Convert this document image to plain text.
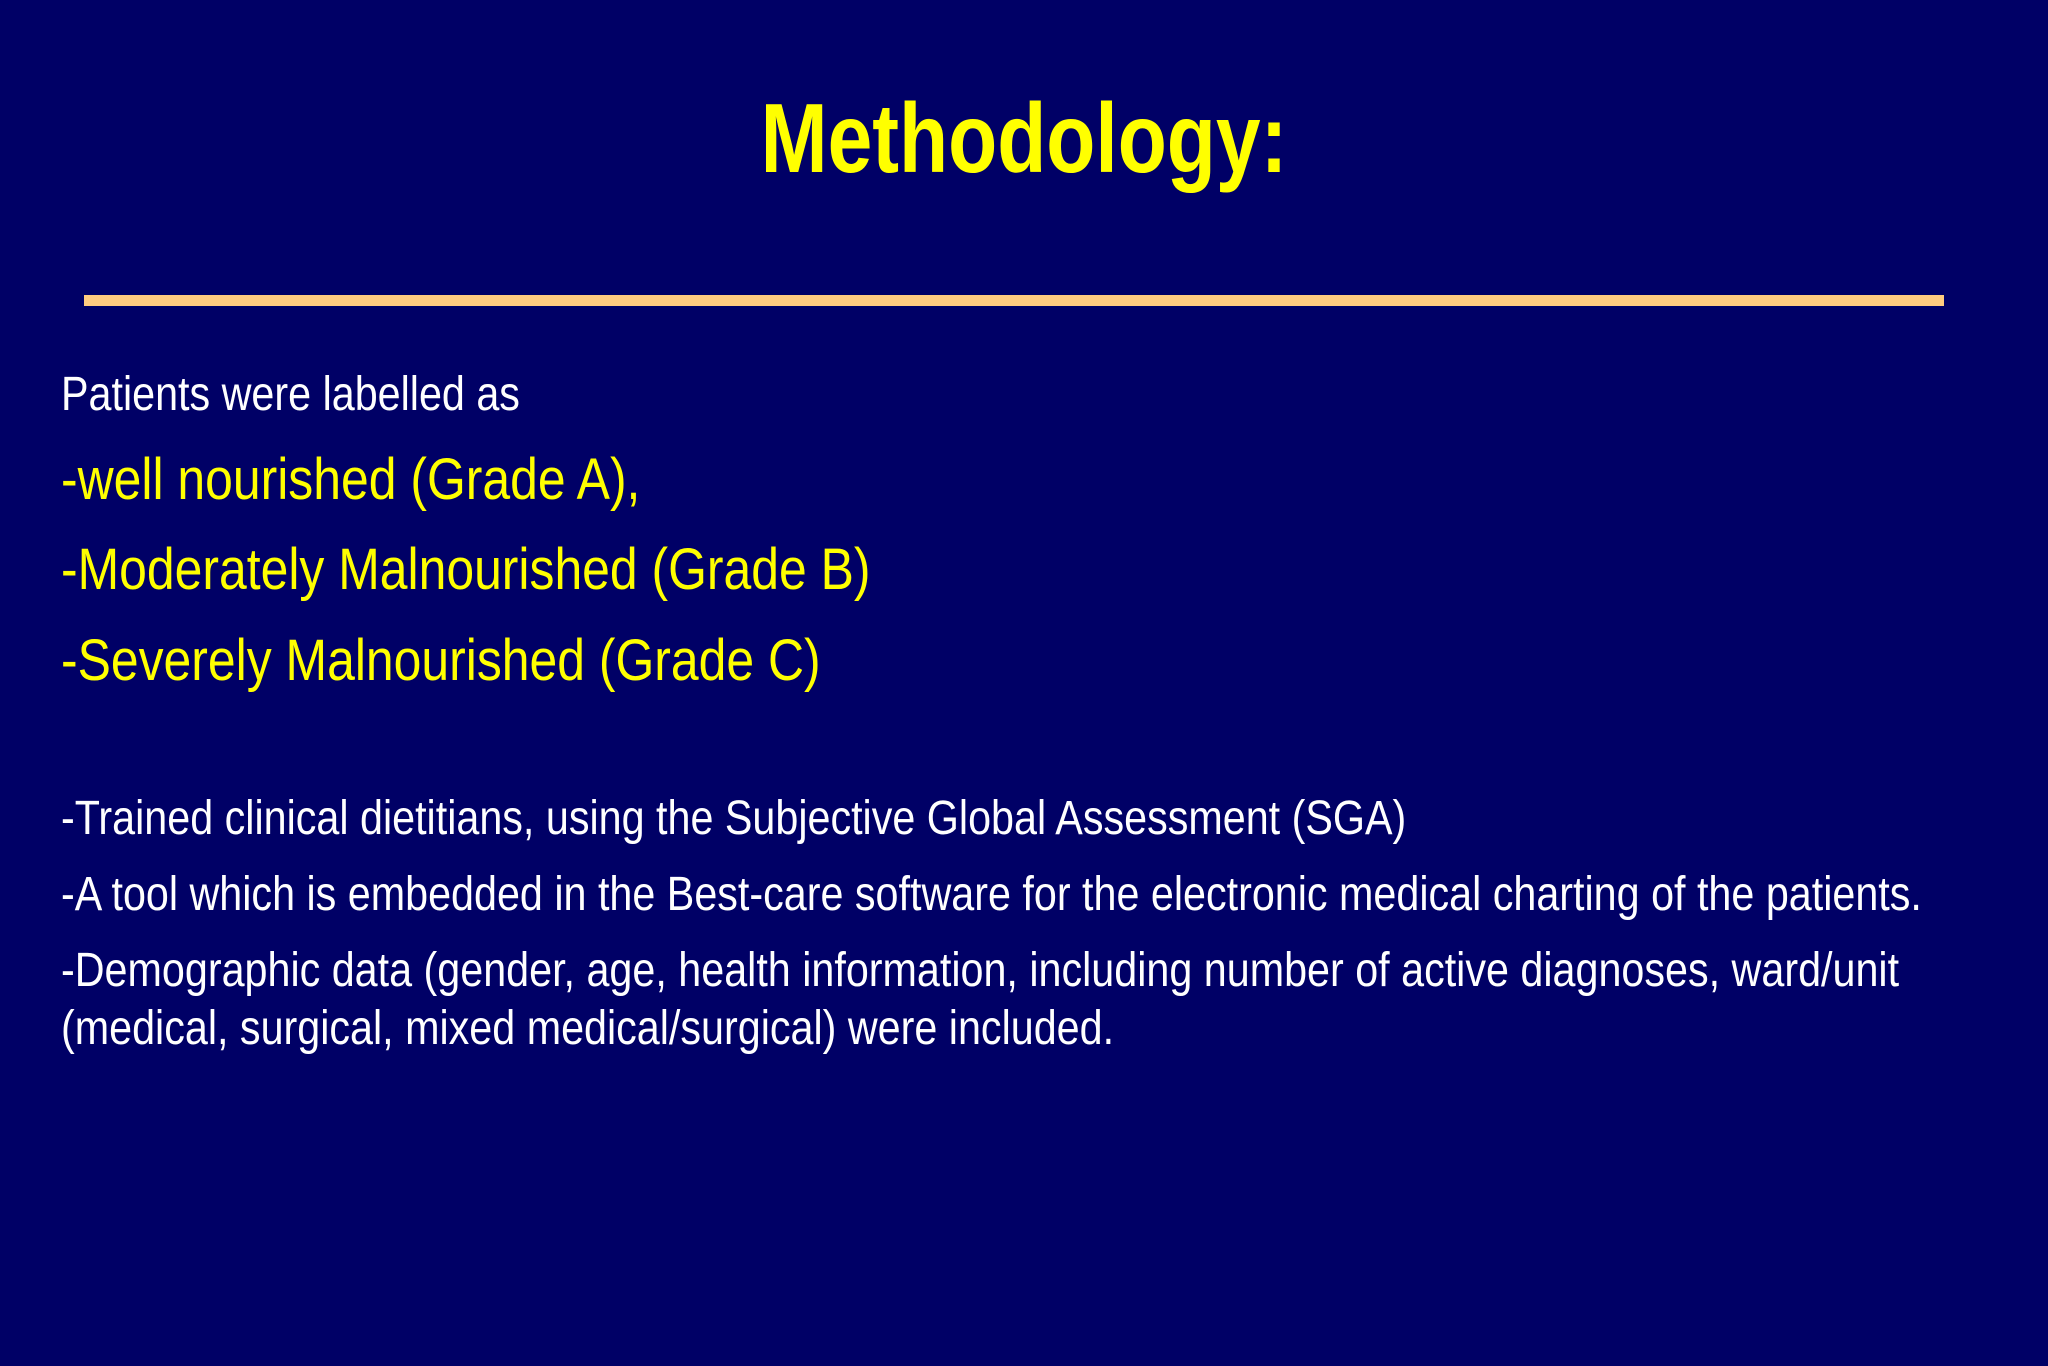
Methodology:
Patients were labelled as
-well nourished (Grade A),
-Moderately Malnourished (Grade B)
-Severely Malnourished (Grade C)
-Trained clinical dietitians, using the Subjective Global Assessment (SGA)
-A tool which is embedded in the Best-care software for the electronic medical charting of the patients.
-Demographic data (gender, age, health information, including number of active diagnoses, ward/unit
(medical, surgical, mixed medical/surgical) were included.
